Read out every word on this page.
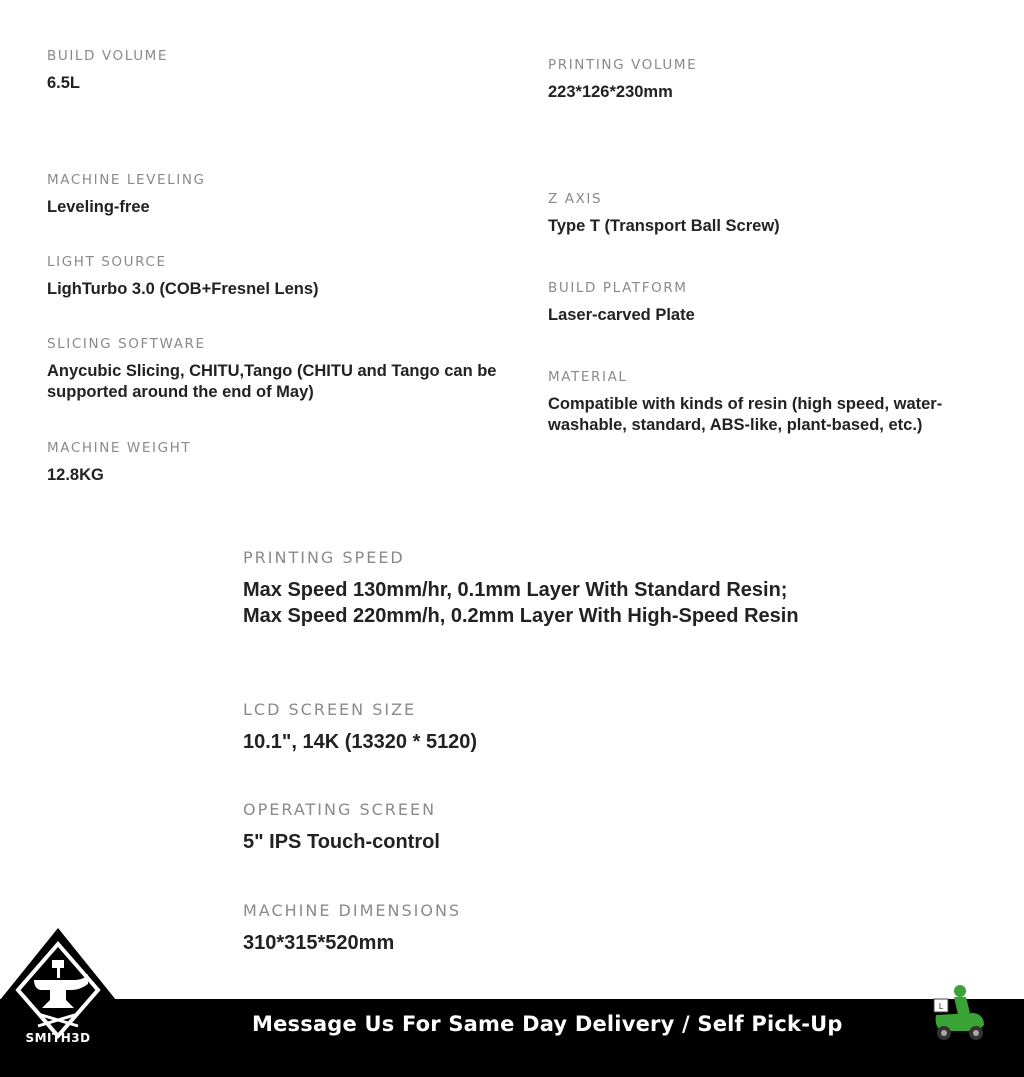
BUILD VOLUME
6.5L
MACHINE LEVELING
Leveling-free
LIGHT SOURCE
LighTurbo 3.0 (COB+Fresnel Lens)
SLICING SOFTWARE
Anycubic Slicing, CHITU,Tango (CHITU and Tango can be supported around the end of May)
MACHINE WEIGHT
12.8KG
PRINTING VOLUME
223*126*230mm
Z AXIS
Type T (Transport Ball Screw)
BUILD PLATFORM
Laser-carved Plate
MATERIAL
Compatible with kinds of resin (high speed, water-washable, standard, ABS-like, plant-based, etc.)
PRINTING SPEED
Max Speed 130mm/hr, 0.1mm Layer With Standard Resin; Max Speed 220mm/h, 0.2mm Layer With High-Speed Resin
LCD SCREEN SIZE
10.1", 14K (13320 * 5120)
OPERATING SCREEN
5" IPS Touch-control
MACHINE DIMENSIONS
310*315*520mm
SMITH3D
Message Us For Same Day Delivery / Self Pick-Up
L
